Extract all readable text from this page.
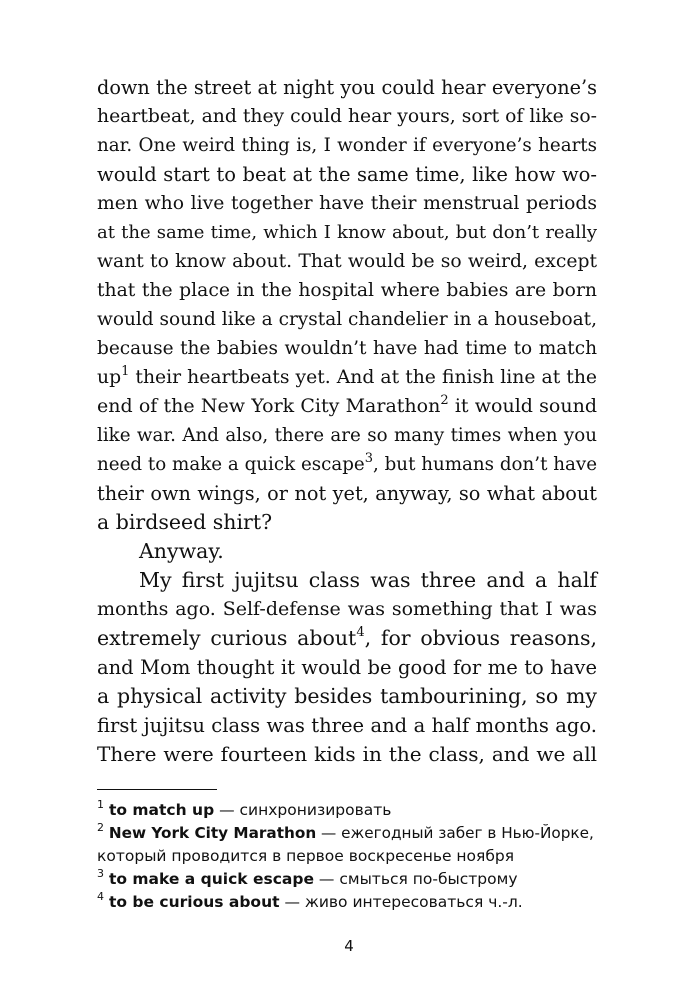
down the street at night you could hear everyone’s
heartbeat, and they could hear yours, sort of like so-
nar. One weird thing is, I wonder if everyone’s hearts
would start to beat at the same time, like how wo-
men who live together have their menstrual periods
at the same time, which I know about, but don’t really
want to know about. That would be so weird, except
that the place in the hospital where babies are born
would sound like a crystal chandelier in a houseboat,
because the babies wouldn’t have had time to match
$up^1$ their heartbeats yet. And at the finish line at the
end of the New York City Marathon$^2$ it would sound
like war. And also, there are so many times when you
need to make a quick escape$^3$, but humans don’t have
their own wings, or not yet, anyway, so what about
a birdseed shirt?
Anyway.
My first jujitsu class was three and a half
months ago. Self-defense was something that I was
extremely curious about$^4$, for obvious reasons,
and Mom thought it would be good for me to have
a physical activity besides tambourining, so my
first jujitsu class was three and a half months ago.
There were fourteen kids in the class, and we all
$^1$ to match up — синхронизировать
$^2$ New York City Marathon — ежегодный забег в Нью-Йорке,
который проводится в первое воскресенье ноября
$^3$ to make a quick escape — смыться по-быстрому
$^4$ to be curious about — живо интересоваться ч.-л.
4
